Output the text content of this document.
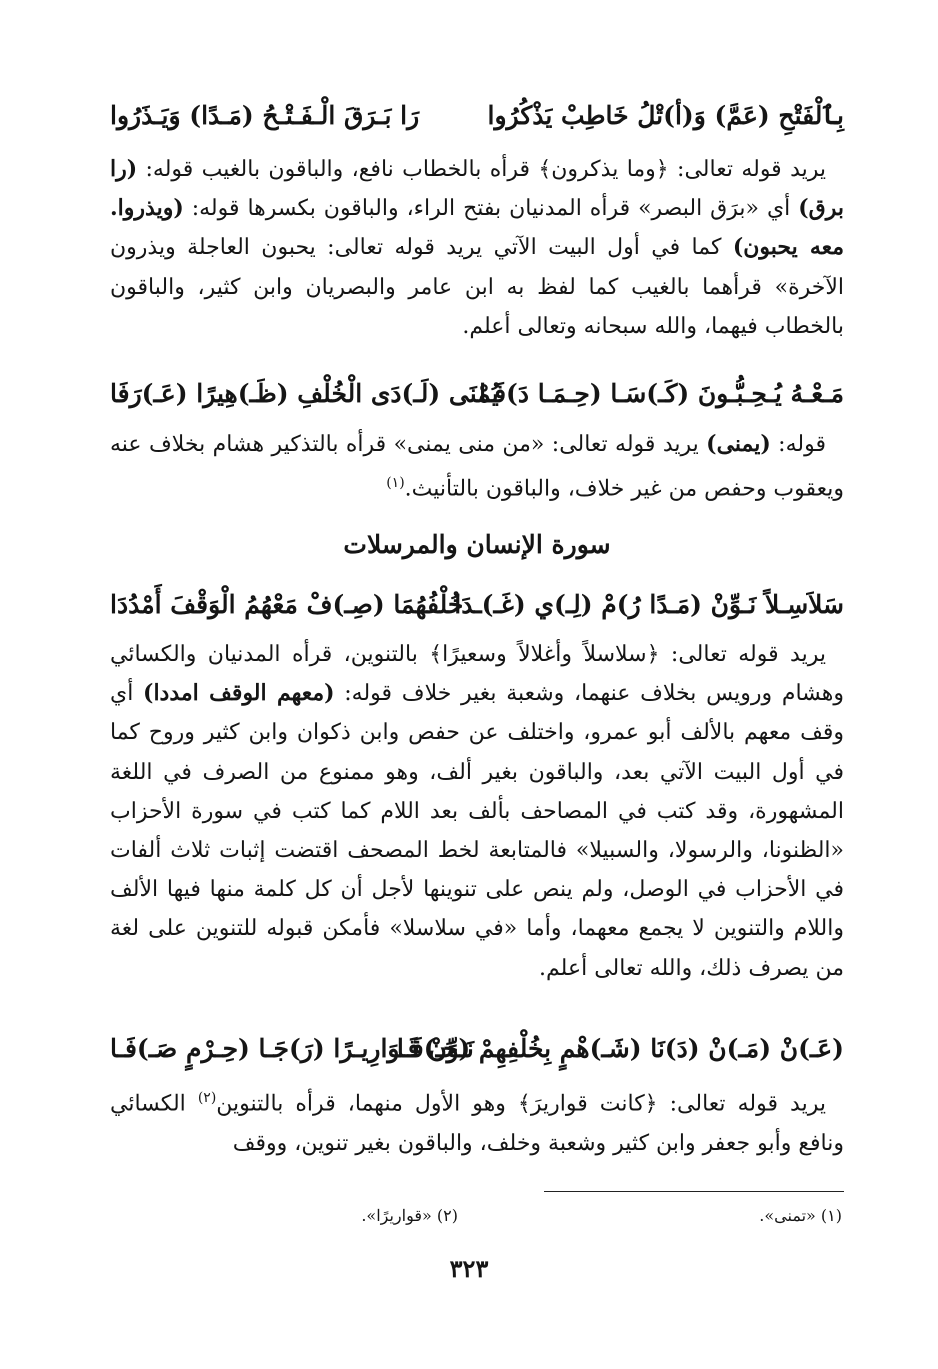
بِٱلْفَتْحِ (عَمَّ) وَ(أ)تْلُ خَاطِبْ يَذْكُرُوا
رَا بَـرَقَ الْـفَـتْـحُ (مَـدًا) وَيَـذَرُوا

يريد قوله تعالى: ﴿وما يذكرون﴾ قرأه بالخطاب نافع، والباقون بالغيب قوله: (را برق) أي «برَق البصر» قرأه المدنيان بفتح الراء، والباقون بكسرها قوله: (ويذروا. معه يحبون) كما في أول البيت الآتي يريد قوله تعالى: يحبون العاجلة ويذرون الآخرة» قرأهما بالغيب كما لفظ به ابن عامر والبصريان وابن كثير، والباقون بالخطاب فيهما، والله سبحانه وتعالى أعلم.

مَـعْـهُ يُـحِـبُّـونَ (كَـ)سَـا (حِـمَـا دَ)فَـا
يُمْنَى (لَـ)دَى الْخُلْفِ (ظَـ)هِيرًا (عَـ)رَفَا

قوله: (يمنى) يريد قوله تعالى: «من منى يمنى» قرأه بالتذكير هشام بخلاف عنه ويعقوب وحفص من غير خلاف، والباقون بالتأنيث.$^{(١)}$

سورة الإنسان والمرسلات
سَلاَسِـلاً نَـوِّنْ (مَـدًا رُ)مْ (لِـ)ي (غَـ)ـدَا
خُلْفُهُمَا (صِـ)فْ مَعْهُمُ الْوَقْفَ أَمْدُدَا

يريد قوله تعالى: ﴿سلاسلاً وأغلالاً وسعيرًا﴾ بالتنوين، قرأه المدنيان والكسائي وهشام ورويس بخلاف عنهما، وشعبة بغير خلاف قوله: (معهم الوقف امددا) أي وقف معهم بالألف أبو عمرو، واختلف عن حفص وابن ذكوان وابن كثير وروح كما في أول البيت الآتي بعد، والباقون بغير ألف، وهو ممنوع من الصرف في اللغة المشهورة، وقد كتب في المصاحف بألف بعد اللام كما كتب في سورة الأحزاب «الظنونا، والرسولا، والسبيلا» فالمتابعة لخط المصحف اقتضت إثبات ثلاث ألفات في الأحزاب في الوصل، ولم ينص على تنوينها لأجل أن كل كلمة منها فيها الألف واللام والتنوين لا يجمع معهما، وأما «في سلاسلا» فأمكن قبوله للتنوين على لغة من يصرف ذلك، والله تعالى أعلم.

(عَـ)نْ (مَـ)نْ (دَ)نَا (شَـ)هْمٍ بِخُلْفِهِمْ (حَـ)فَـا
نَـوِّنْ قَـوَارِيـرًا (رَ)جَـا (حِـرْمٍ صَـ)فَـا

يريد قوله تعالى: ﴿كانت قواريرَ﴾ وهو الأول منهما، قرأه بالتنوين$^{(٢)}$ الكسائي ونافع وأبو جعفر وابن كثير وشعبة وخلف، والباقون بغير تنوين، ووقف

(١) «تمنى».
(٢) «قواريرًا».
٣٢٣
